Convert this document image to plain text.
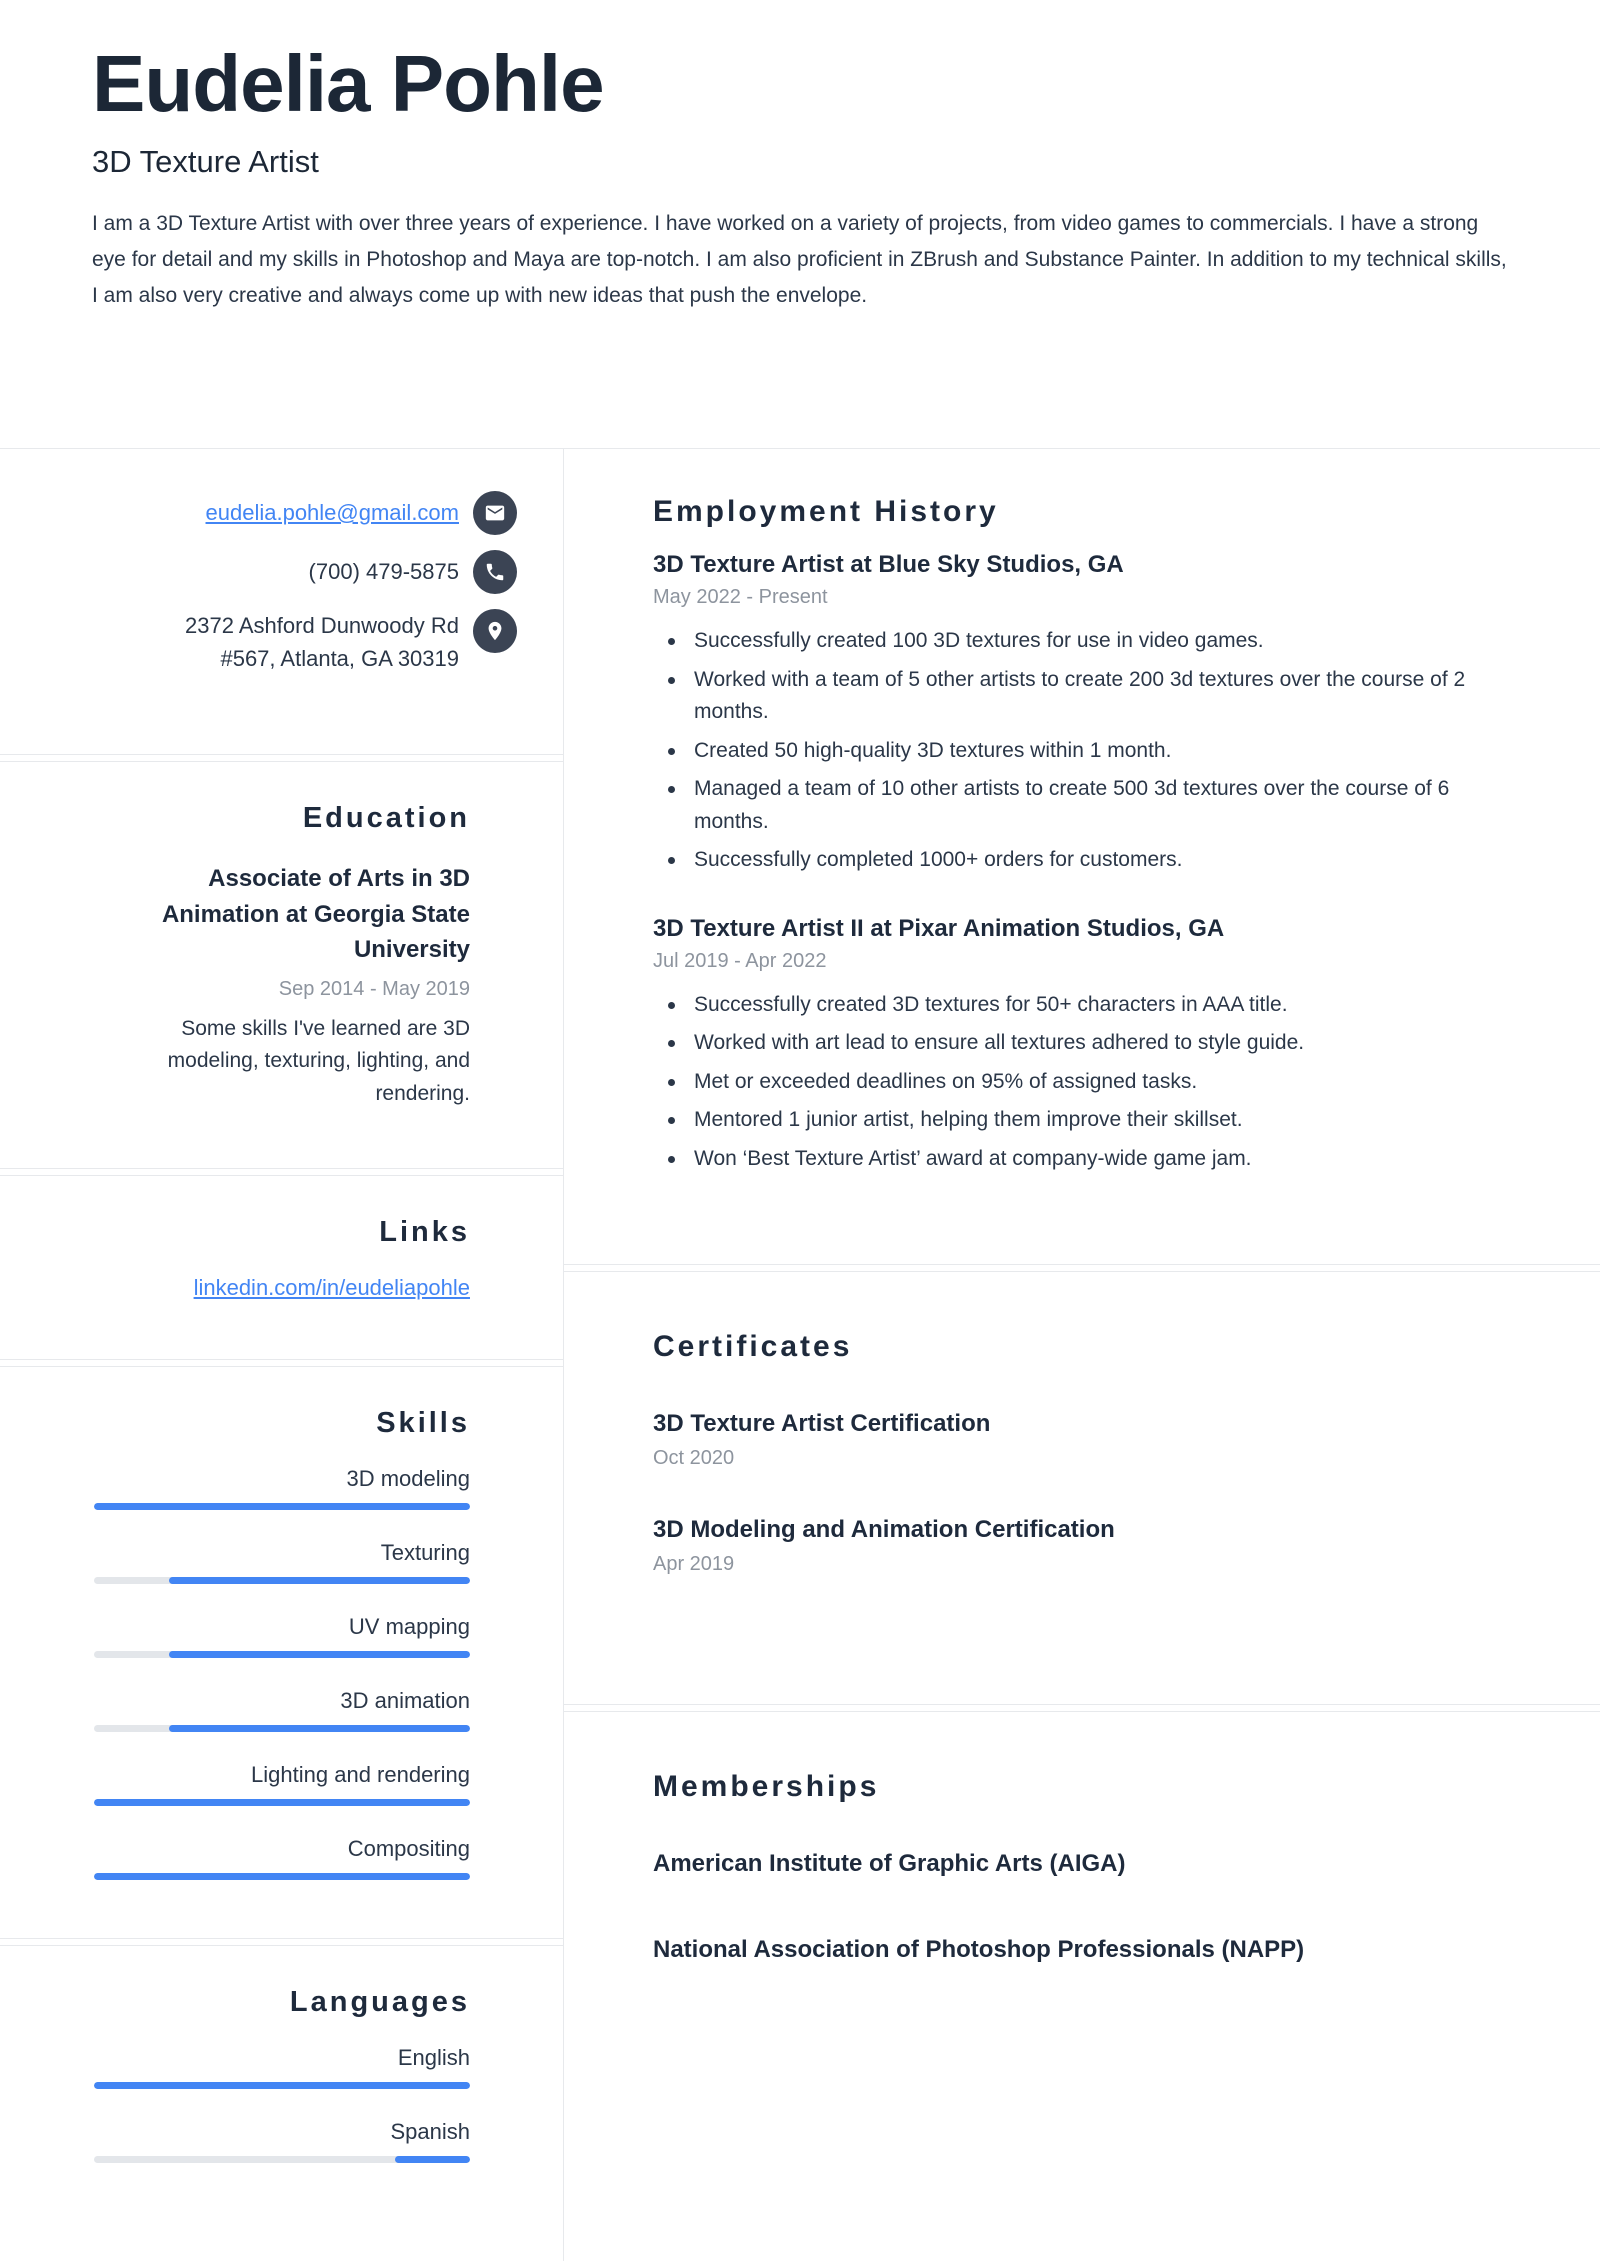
Eudelia Pohle
3D Texture Artist

I am a 3D Texture Artist with over three years of experience. I have worked on a variety of projects, from video games to commercials. I have a strong eye for detail and my skills in Photoshop and Maya are top-notch. I am also proficient in ZBrush and Substance Painter. In addition to my technical skills, I am also very creative and always come up with new ideas that push the envelope.

eudelia.pohle@gmail.com
(700) 479-5875
2372 Ashford Dunwoody Rd
#567, Atlanta, GA 30319
Education
Associate of Arts in 3D Animation at Georgia State University
Sep 2014 - May 2019
Some skills I've learned are 3D modeling, texturing, lighting, and rendering.
Links
linkedin.com/in/eudeliapohle
Skills
3D modeling
Texturing
UV mapping
3D animation
Lighting and rendering
Compositing
Languages
English
Spanish
Employment History
3D Texture Artist at Blue Sky Studios, GA
May 2022 - Present
Successfully created 100 3D textures for use in video games.
Worked with a team of 5 other artists to create 200 3d textures over the course of 2 months.
Created 50 high-quality 3D textures within 1 month.
Managed a team of 10 other artists to create 500 3d textures over the course of 6 months.
Successfully completed 1000+ orders for customers.
3D Texture Artist II at Pixar Animation Studios, GA
Jul 2019 - Apr 2022
Successfully created 3D textures for 50+ characters in AAA title.
Worked with art lead to ensure all textures adhered to style guide.
Met or exceeded deadlines on 95% of assigned tasks.
Mentored 1 junior artist, helping them improve their skillset.
Won ‘Best Texture Artist’ award at company-wide game jam.
Certificates
3D Texture Artist Certification
Oct 2020
3D Modeling and Animation Certification
Apr 2019
Memberships
American Institute of Graphic Arts (AIGA)
National Association of Photoshop Professionals (NAPP)
